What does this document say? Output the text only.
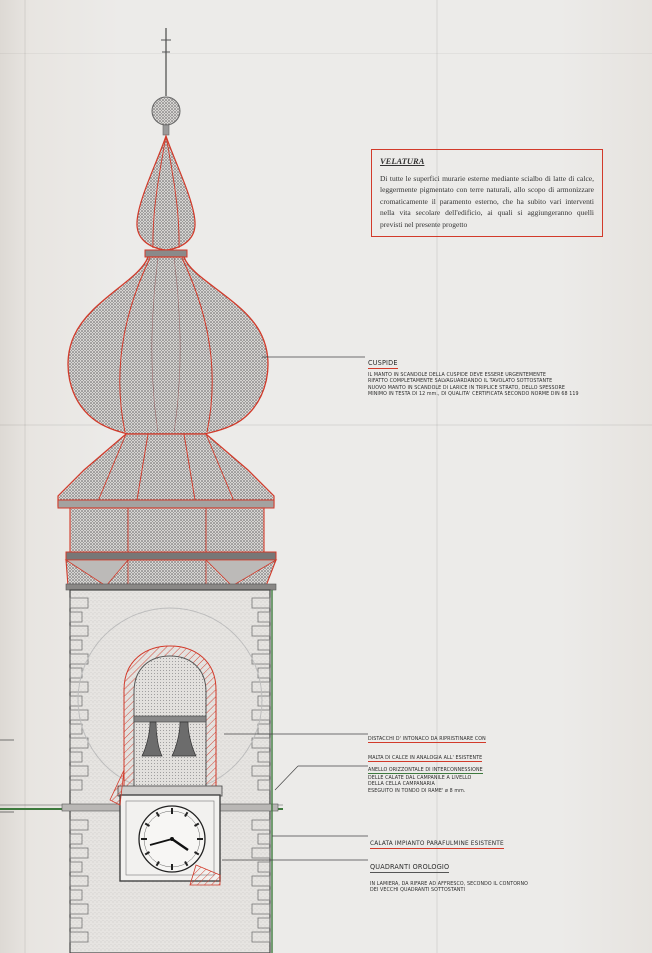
VELATURA
Di tutte le superfici murarie esterne mediante scialbo di latte di calce, leggermente pigmentato con terre naturali, allo scopo di armonizzare cromaticamente il paramento esterno, che ha subito vari interventi nella vita secolare dell'edificio, ai quali si aggiungeranno quelli previsti nel presente progetto
CUSPIDE
IL MANTO IN SCANDOLE DELLA CUSPIDE DEVE ESSERE URGENTEMENTE
RIFATTO COMPLETAMENTE SALVAGUARDANDO IL TAVOLATO SOTTOSTANTE
NUOVO MANTO IN SCANDOLE DI LARICE IN TRIPLICE STRATO, DELLO SPESSORE
MINIMO IN TESTA DI 12 mm., DI QUALITA' CERTIFICATA SECONDO NORME DIN 68 119
DISTACCHI D' INTONACO DA RIPRISTINARE CON
MALTA DI CALCE IN ANALOGIA ALL' ESISTENTE
ANELLO ORIZZONTALE DI INTERCONNESSIONE
DELLE CALATE DAL CAMPANILE A LIVELLO
DELLA CELLA CAMPANARIA
ESEGUITO IN TONDO DI RAME' ø 8 mm.
CALATA IMPIANTO PARAFULMINE ESISTENTE
QUADRANTI OROLOGIO
IN LAMIERA, DA RIFARE AD AFFRESCO, SECONDO IL CONTORNO
DEI VECCHI QUADRANTI SOTTOSTANTI
